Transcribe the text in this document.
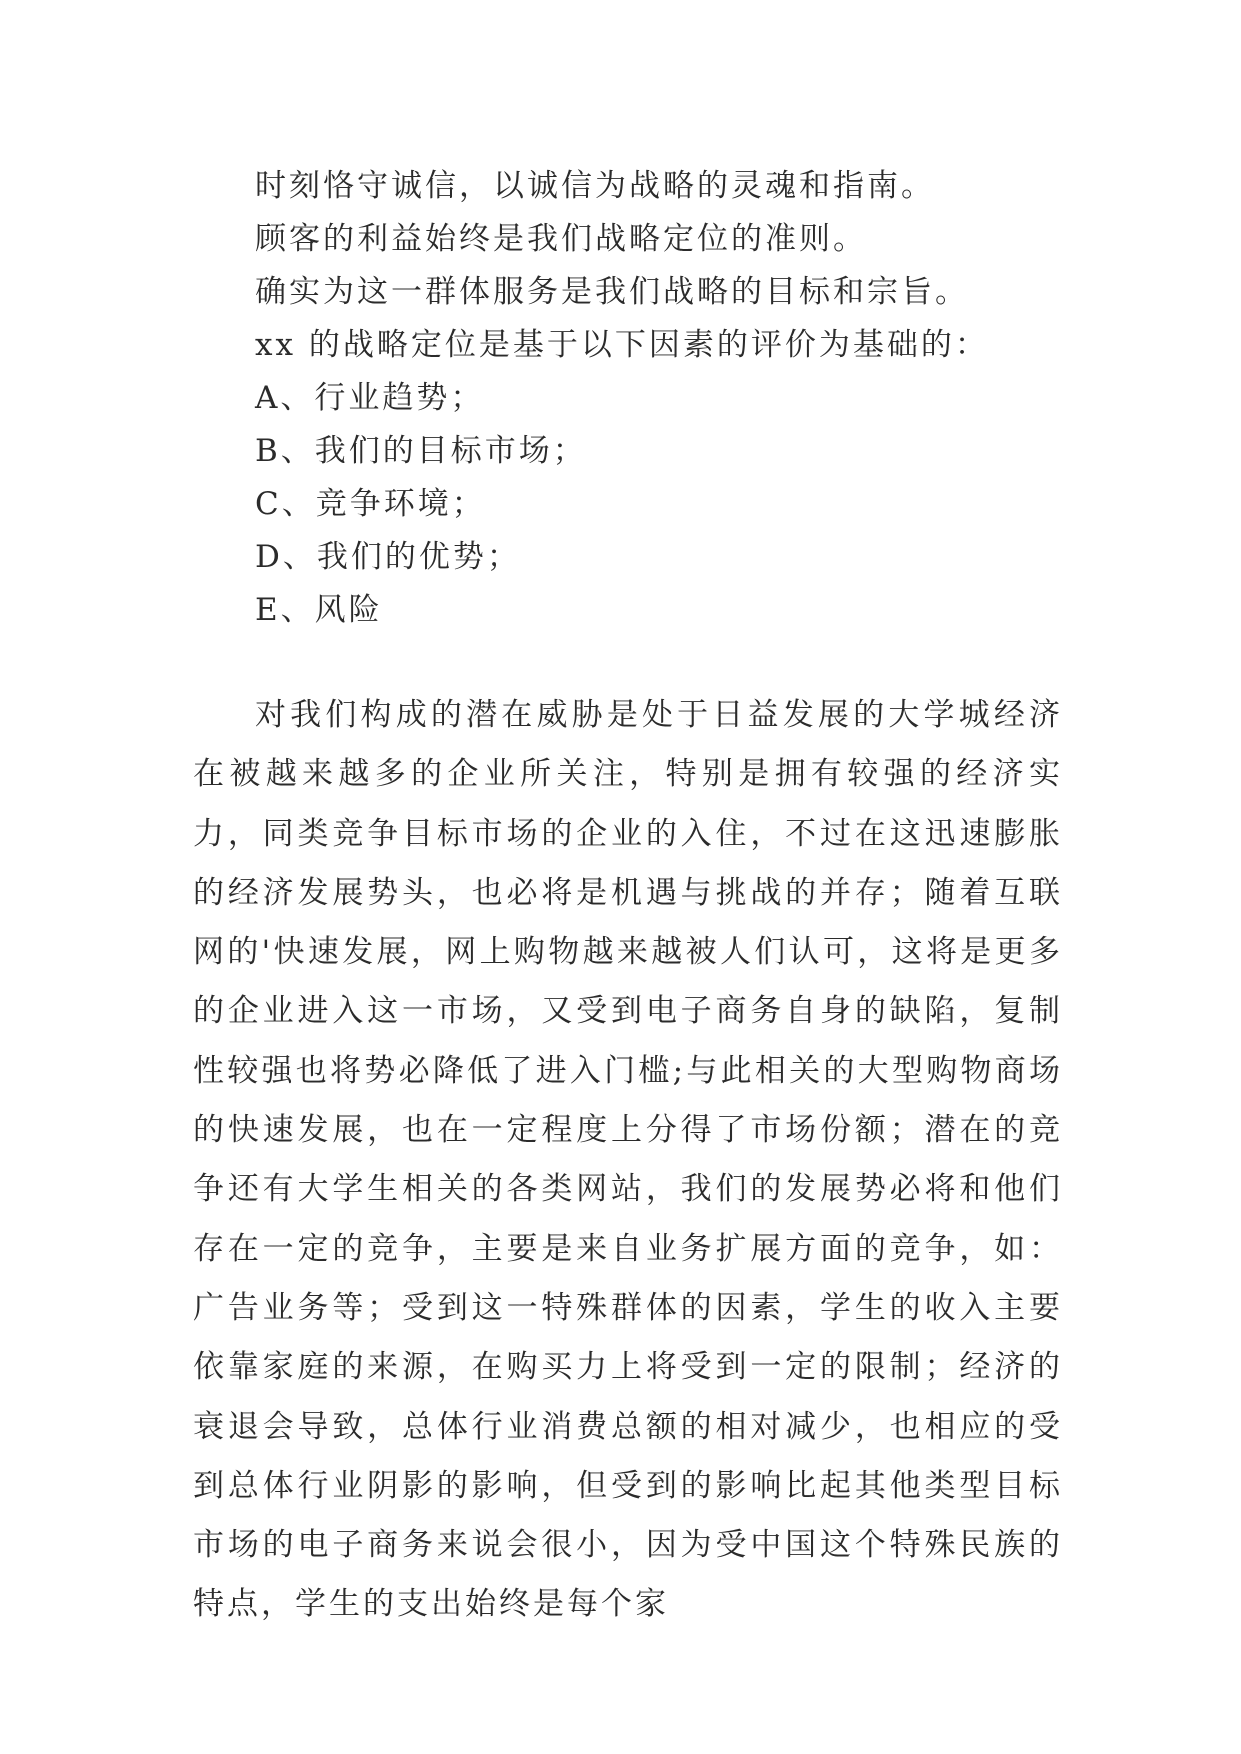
时刻恪守诚信，以诚信为战略的灵魂和指南。

顾客的利益始终是我们战略定位的准则。

确实为这一群体服务是我们战略的目标和宗旨。

xx 的战略定位是基于以下因素的评价为基础的：

A、行业趋势；

B、我们的目标市场；

C、竞争环境；

D、我们的优势；

E、风险

对我们构成的潜在威胁是处于日益发展的大学城经济在被越来越多的企业所关注，特别是拥有较强的经济实力，同类竞争目标市场的企业的入住，不过在这迅速膨胀的经济发展势头，也必将是机遇与挑战的并存；随着互联网的'快速发展，网上购物越来越被人们认可，这将是更多的企业进入这一市场，又受到电子商务自身的缺陷，复制性较强也将势必降低了进入门槛;与此相关的大型购物商场的快速发展，也在一定程度上分得了市场份额；潜在的竞争还有大学生相关的各类网站，我们的发展势必将和他们存在一定的竞争，主要是来自业务扩展方面的竞争，如：广告业务等；受到这一特殊群体的因素，学生的收入主要依靠家庭的来源，在购买力上将受到一定的限制；经济的衰退会导致，总体行业消费总额的相对减少，也相应的受到总体行业阴影的影响，但受到的影响比起其他类型目标市场的电子商务来说会很小，因为受中国这个特殊民族的特点，学生的支出始终是每个家
